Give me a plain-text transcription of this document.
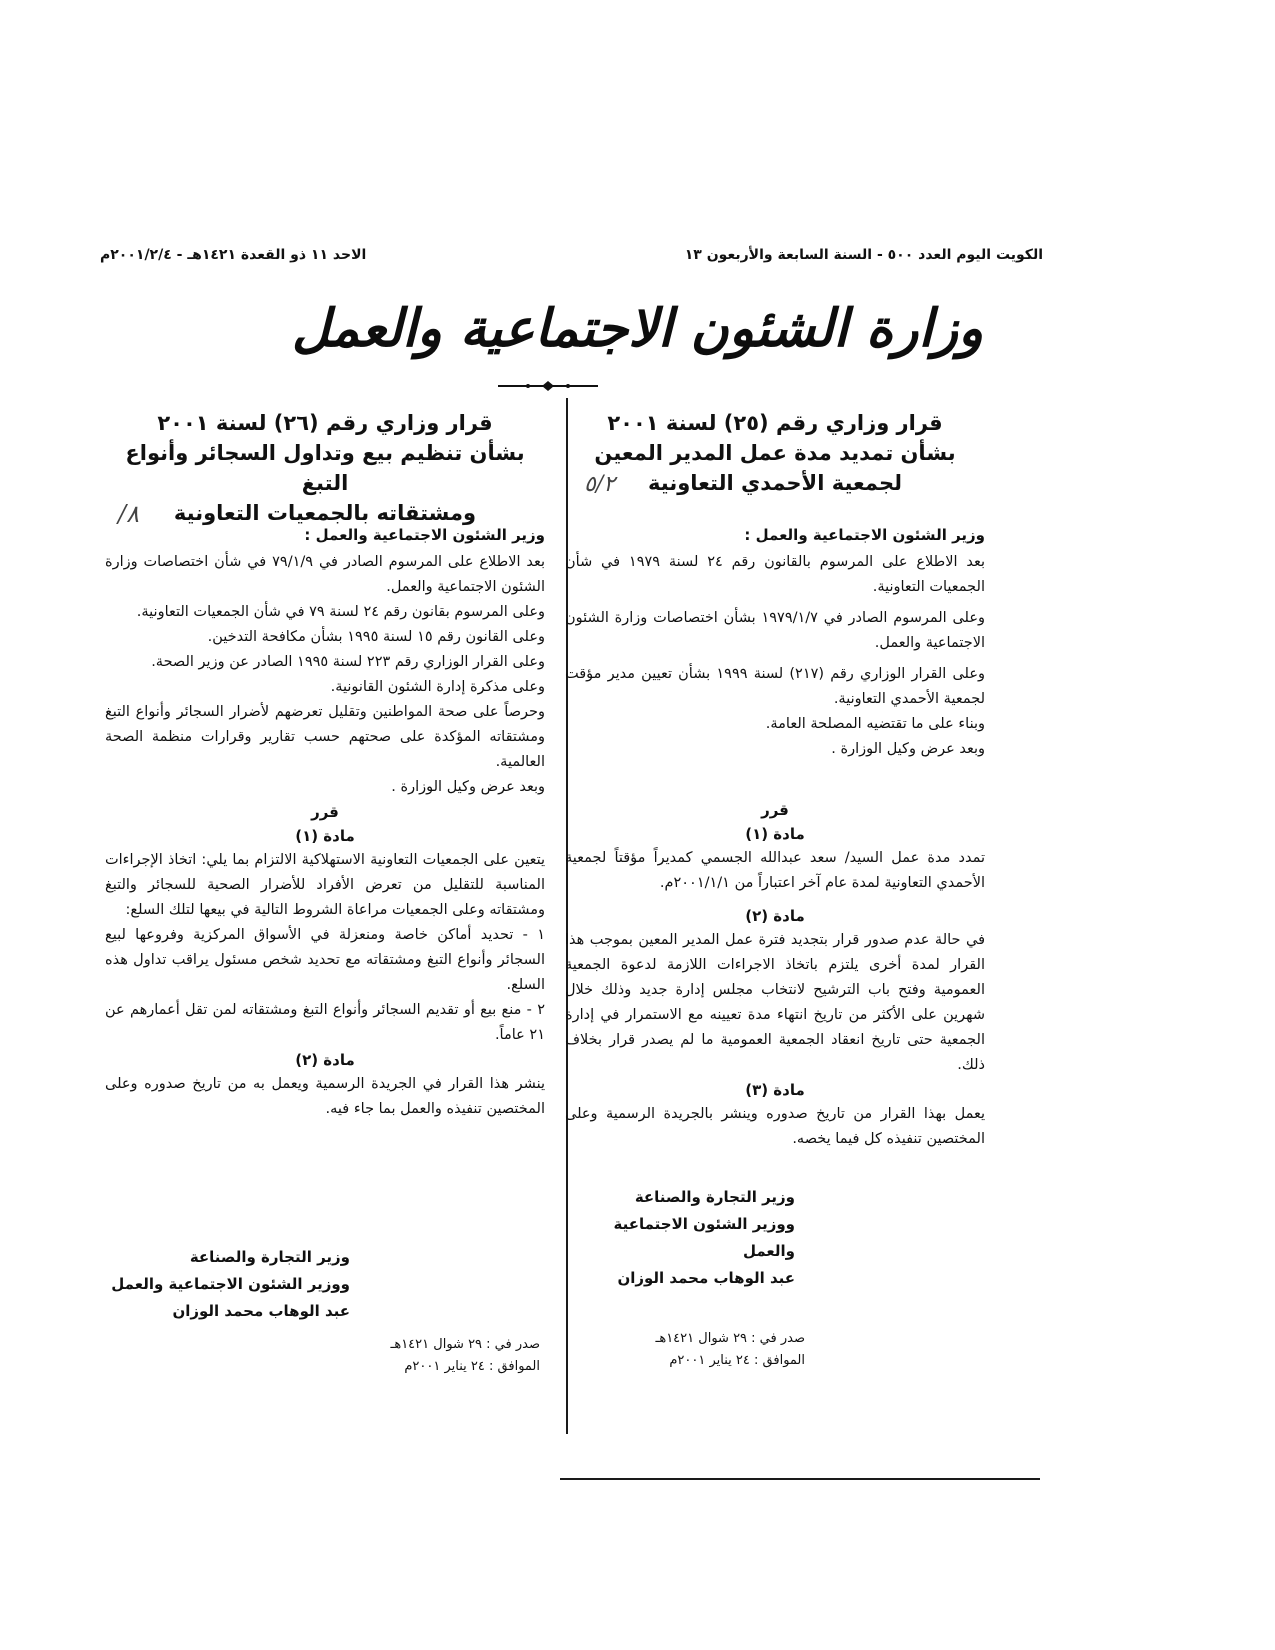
الكويت اليوم العدد ٥٠٠ - السنة السابعة والأربعون ١٣
الاحد ١١ ذو القعدة ١٤٢١هـ - ٢٠٠١/٢/٤م
وزارة الشئون الاجتماعية والعمل
٥/٢
٨/

قرار وزاري رقم (٢٥) لسنة ٢٠٠١

بشأن تمديد مدة عمل المدير المعين

لجمعية الأحمدي التعاونية

وزير الشئون الاجتماعية والعمل :

بعد الاطلاع على المرسوم بالقانون رقم ٢٤ لسنة ١٩٧٩ في شأن الجمعيات التعاونية.

وعلى المرسوم الصادر في ١٩٧٩/١/٧ بشأن اختصاصات وزارة الشئون الاجتماعية والعمل.

وعلى القرار الوزاري رقم (٢١٧) لسنة ١٩٩٩ بشأن تعيين مدير مؤقت لجمعية الأحمدي التعاونية.

وبناء على ما تقتضيه المصلحة العامة.

وبعد عرض وكيل الوزارة .

قرر

مادة (١)

تمدد مدة عمل السيد/ سعد عبدالله الجسمي كمديراً مؤقتاً لجمعية الأحمدي التعاونية لمدة عام آخر اعتباراً من ٢٠٠١/١/١م.

مادة (٢)

في حالة عدم صدور قرار بتجديد فترة عمل المدير المعين بموجب هذا القرار لمدة أخرى يلتزم باتخاذ الاجراءات اللازمة لدعوة الجمعية العمومية وفتح باب الترشيح لانتخاب مجلس إدارة جديد وذلك خلال شهرين على الأكثر من تاريخ انتهاء مدة تعيينه مع الاستمرار في إدارة الجمعية حتى تاريخ انعقاد الجمعية العمومية ما لم يصدر قرار بخلاف ذلك.

مادة (٣)

يعمل بهذا القرار من تاريخ صدوره وينشر بالجريدة الرسمية وعلى المختصين تنفيذه كل فيما يخصه.

وزير التجارة والصناعة

ووزير الشئون الاجتماعية والعمل

عبد الوهاب محمد الوزان

صدر في : ٢٩ شوال ١٤٢١هـ

الموافق : ٢٤ يناير ٢٠٠١م

قرار وزاري رقم (٢٦) لسنة ٢٠٠١

بشأن تنظيم بيع وتداول السجائر وأنواع التبغ

ومشتقاته بالجمعيات التعاونية

وزير الشئون الاجتماعية والعمل :

بعد الاطلاع على المرسوم الصادر في ٧٩/١/٩ في شأن اختصاصات وزارة الشئون الاجتماعية والعمل.

وعلى المرسوم بقانون رقم ٢٤ لسنة ٧٩ في شأن الجمعيات التعاونية.

وعلى القانون رقم ١٥ لسنة ١٩٩٥ بشأن مكافحة التدخين.

وعلى القرار الوزاري رقم ٢٢٣ لسنة ١٩٩٥ الصادر عن وزير الصحة.

وعلى مذكرة إدارة الشئون القانونية.

وحرصاً على صحة المواطنين وتقليل تعرضهم لأضرار السجائر وأنواع التبغ ومشتقاته المؤكدة على صحتهم حسب تقارير وقرارات منظمة الصحة العالمية.

وبعد عرض وكيل الوزارة .

قرر

مادة (١)

يتعين على الجمعيات التعاونية الاستهلاكية الالتزام بما يلي: اتخاذ الإجراءات المناسبة للتقليل من تعرض الأفراد للأضرار الصحية للسجائر والتبغ ومشتقاته وعلى الجمعيات مراعاة الشروط التالية في بيعها لتلك السلع:

١ - تحديد أماكن خاصة ومنعزلة في الأسواق المركزية وفروعها لبيع السجائر وأنواع التبغ ومشتقاته مع تحديد شخص مسئول يراقب تداول هذه السلع.

٢ - منع بيع أو تقديم السجائر وأنواع التبغ ومشتقاته لمن تقل أعمارهم عن ٢١ عاماً.

مادة (٢)

ينشر هذا القرار في الجريدة الرسمية ويعمل به من تاريخ صدوره وعلى المختصين تنفيذه والعمل بما جاء فيه.

وزير التجارة والصناعة

ووزير الشئون الاجتماعية والعمل

عبد الوهاب محمد الوزان

صدر في : ٢٩ شوال ١٤٢١هـ

الموافق : ٢٤ يناير ٢٠٠١م
